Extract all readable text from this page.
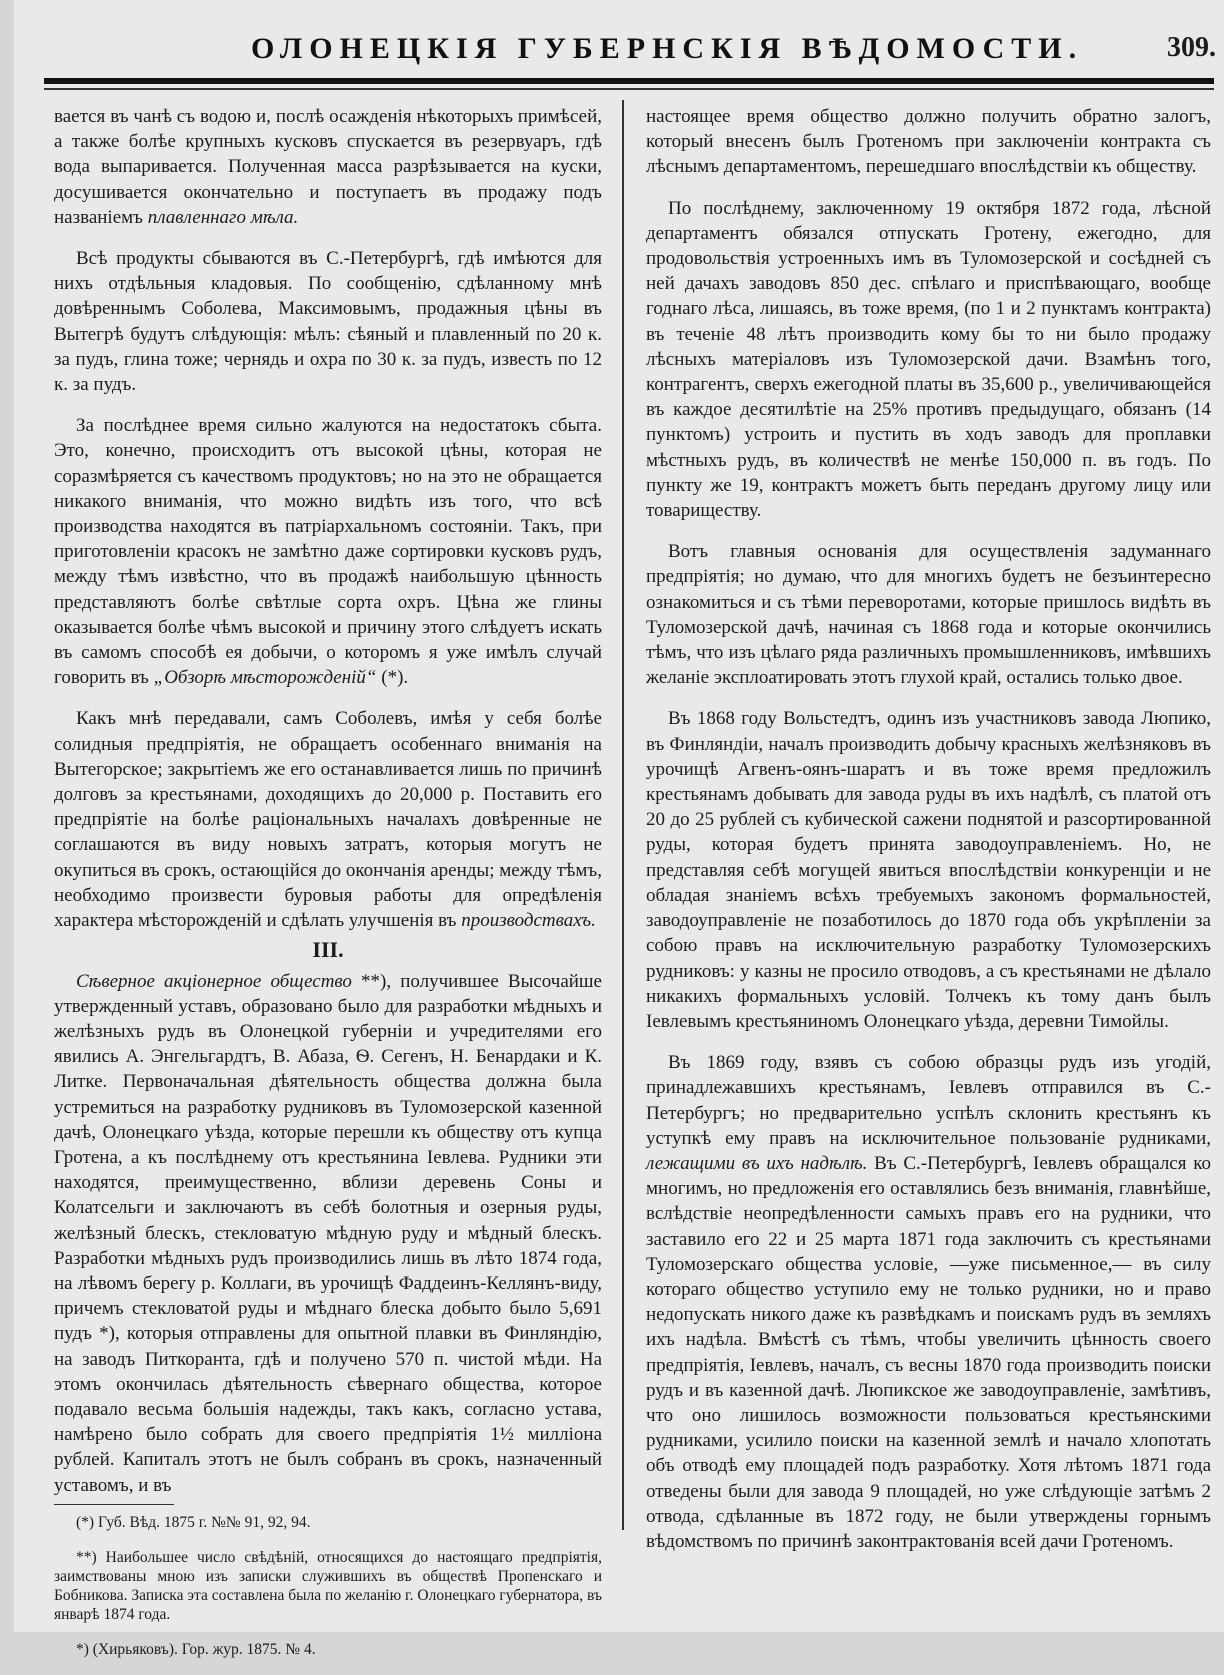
ОЛОНЕЦКІЯ ГУБЕРНСКІЯ ВѢДОМОСТИ.	309.

вается въ чанѣ съ водою и, послѣ осажденія нѣкоторыхъ примѣсей, а также болѣе крупныхъ кусковъ спускается въ резервуаръ, гдѣ вода выпаривается. Полученная масса разрѣзывается на куски, досушивается окончательно и поступаетъ въ продажу подъ названіемъ плавленнаго мѣла.

Всѣ продукты сбываются въ С.-Петербургѣ, гдѣ имѣются для нихъ отдѣльныя кладовыя. По сообщенію, сдѣланному мнѣ довѣреннымъ Соболева, Максимовымъ, продажныя цѣны въ Вытегрѣ будутъ слѣдующія: мѣлъ: сѣяный и плавленный по 20 к. за пудъ, глина тоже; чернядь и охра по 30 к. за пудъ, известь по 12 к. за пудъ.

За послѣднее время сильно жалуются на недостатокъ сбыта. Это, конечно, происходитъ отъ высокой цѣны, которая не соразмѣряется съ качествомъ продуктовъ; но на это не обращается никакого вниманія, что можно видѣть изъ того, что всѣ производства находятся въ патріархальномъ состояніи. Такъ, при приготовленіи красокъ не замѣтно даже сортировки кусковъ рудъ, между тѣмъ извѣстно, что въ продажѣ наибольшую цѣнность представляютъ болѣе свѣтлые сорта охръ. Цѣна же глины оказывается болѣе чѣмъ высокой и причину этого слѣдуетъ искать въ самомъ способѣ ея добычи, о которомъ я уже имѣлъ случай говорить въ „Обзорѣ мѣсторожденій“ (*).

Какъ мнѣ передавали, самъ Соболевъ, имѣя у себя болѣе солидныя предпріятія, не обращаетъ особеннаго вниманія на Вытегорское; закрытіемъ же его останавливается лишь по причинѣ долговъ за крестьянами, доходящихъ до 20,000 р. Поставить его предпріятіе на болѣе раціональныхъ началахъ довѣренные не соглашаются въ виду новыхъ затратъ, которыя могутъ не окупиться въ срокъ, остающійся до окончанія аренды; между тѣмъ, необходимо произвести буровыя работы для опредѣленія характера мѣсторожденій и сдѣлать улучшенія въ производствахъ.

III.

Сѣверное акціонерное общество **), получившее Высочайше утвержденный уставъ, образовано было для разработки мѣдныхъ и желѣзныхъ рудъ въ Олонецкой губерніи и учредителями его явились А. Энгельгардтъ, В. Абаза, Ѳ. Сегенъ, Н. Бенардаки и К. Литке. Первоначальная дѣятельность общества должна была устремиться на разработку рудниковъ въ Туломозерской казенной дачѣ, Олонецкаго уѣзда, которые перешли къ обществу отъ купца Гротена, а къ послѣднему отъ крестьянина Іевлева. Рудники эти находятся, преимущественно, вблизи деревень Соны и Колатсельги и заключаютъ въ себѣ болотныя и озерныя руды, желѣзный блескъ, стекловатую мѣдную руду и мѣдный блескъ. Разработки мѣдныхъ рудъ производились лишь въ лѣто 1874 года, на лѣвомъ берегу р. Коллаги, въ урочищѣ Фаддеинъ-Келлянъ-виду, причемъ стекловатой руды и мѣднаго блеска добыто было 5,691 пудъ *), которыя отправлены для опытной плавки въ Финляндію, на заводъ Питкоранта, гдѣ и получено 570 п. чистой мѣди. На этомъ окончилась дѣятельность сѣвернаго общества, которое подавало весьма большія надежды, такъ какъ, согласно устава, намѣрено было собрать для своего предпріятія 1½ милліона рублей. Капиталъ этотъ не былъ собранъ въ срокъ, назначенный уставомъ, и въ

(*) Губ. Вѣд. 1875 г. №№ 91, 92, 94.

**) Наибольшее число свѣдѣній, относящихся до настоящаго предпріятія, заимствованы мною изъ записки служившихъ въ обществѣ Пропенскаго и Бобникова. Записка эта составлена была по желанію г. Олонецкаго губернатора, въ январѣ 1874 года.

*) (Хирьяковъ). Гор. жур. 1875. № 4.

настоящее время общество должно получить обратно залогъ, который внесенъ былъ Гротеномъ при заключеніи контракта съ лѣснымъ департаментомъ, перешедшаго впослѣдствіи къ обществу.

По послѣднему, заключенному 19 октября 1872 года, лѣсной департаментъ обязался отпускать Гротену, ежегодно, для продовольствія устроенныхъ имъ въ Туломозерской и сосѣдней съ ней дачахъ заводовъ 850 дес. спѣлаго и приспѣвающаго, вообще годнаго лѣса, лишаясь, въ тоже время, (по 1 и 2 пунктамъ контракта) въ теченіе 48 лѣтъ производить кому бы то ни было продажу лѣсныхъ матеріаловъ изъ Туломозерской дачи. Взамѣнъ того, контрагентъ, сверхъ ежегодной платы въ 35,600 р., увеличивающейся въ каждое десятилѣтіе на 25% противъ предыдущаго, обязанъ (14 пунктомъ) устроить и пустить въ ходъ заводъ для проплавки мѣстныхъ рудъ, въ количествѣ не менѣе 150,000 п. въ годъ. По пункту же 19, контрактъ можетъ быть переданъ другому лицу или товариществу.

Вотъ главныя основанія для осуществленія задуманнаго предпріятія; но думаю, что для многихъ будетъ не безъинтересно ознакомиться и съ тѣми переворотами, которые пришлось видѣть въ Туломозерской дачѣ, начиная съ 1868 года и которые окончились тѣмъ, что изъ цѣлаго ряда различныхъ промышленниковъ, имѣвшихъ желаніе эксплоатировать этотъ глухой край, остались только двое.

Въ 1868 году Вольстедтъ, одинъ изъ участниковъ завода Люпико, въ Финляндіи, началъ производить добычу красныхъ желѣзняковъ въ урочищѣ Агвенъ-оянъ-шаратъ и въ тоже время предложилъ крестьянамъ добывать для завода руды въ ихъ надѣлѣ, съ платой отъ 20 до 25 рублей съ кубической сажени поднятой и разсортированной руды, которая будетъ принята заводоуправленіемъ. Но, не представляя себѣ могущей явиться впослѣдствіи конкуренціи и не обладая знаніемъ всѣхъ требуемыхъ закономъ формальностей, заводоуправленіе не позаботилось до 1870 года объ укрѣпленіи за собою правъ на исключительную разработку Туломозерскихъ рудниковъ: у казны не просило отводовъ, а съ крестьянами не дѣлало никакихъ формальныхъ условій. Толчекъ къ тому данъ былъ Іевлевымъ крестьяниномъ Олонецкаго уѣзда, деревни Тимойлы.

Въ 1869 году, взявъ съ собою образцы рудъ изъ угодій, принадлежавшихъ крестьянамъ, Іевлевъ отправился въ С.-Петербургъ; но предварительно успѣлъ склонить крестьянъ къ уступкѣ ему правъ на исключительное пользованіе рудниками, лежащими въ ихъ надѣлѣ. Въ С.-Петербургѣ, Іевлевъ обращался ко многимъ, но предложенія его оставлялись безъ вниманія, главнѣйше, вслѣдствіе неопредѣленности самыхъ правъ его на рудники, что заставило его 22 и 25 марта 1871 года заключить съ крестьянами Туломозерскаго общества условіе, —уже письменное,— въ силу котораго общество уступило ему не только рудники, но и право недопускать никого даже къ развѣдкамъ и поискамъ рудъ въ земляхъ ихъ надѣла. Вмѣстѣ съ тѣмъ, чтобы увеличить цѣнность своего предпріятія, Іевлевъ, началъ, съ весны 1870 года производить поиски рудъ и въ казенной дачѣ. Люпикское же заводоуправленіе, замѣтивъ, что оно лишилось возможности пользоваться крестьянскими рудниками, усилило поиски на казенной землѣ и начало хлопотать объ отводѣ ему площадей подъ разработку. Хотя лѣтомъ 1871 года отведены были для завода 9 площадей, но уже слѣдующіе затѣмъ 2 отвода, сдѣланные въ 1872 году, не были утверждены горнымъ вѣдомствомъ по причинѣ законтрактованія всей дачи Гротеномъ.
